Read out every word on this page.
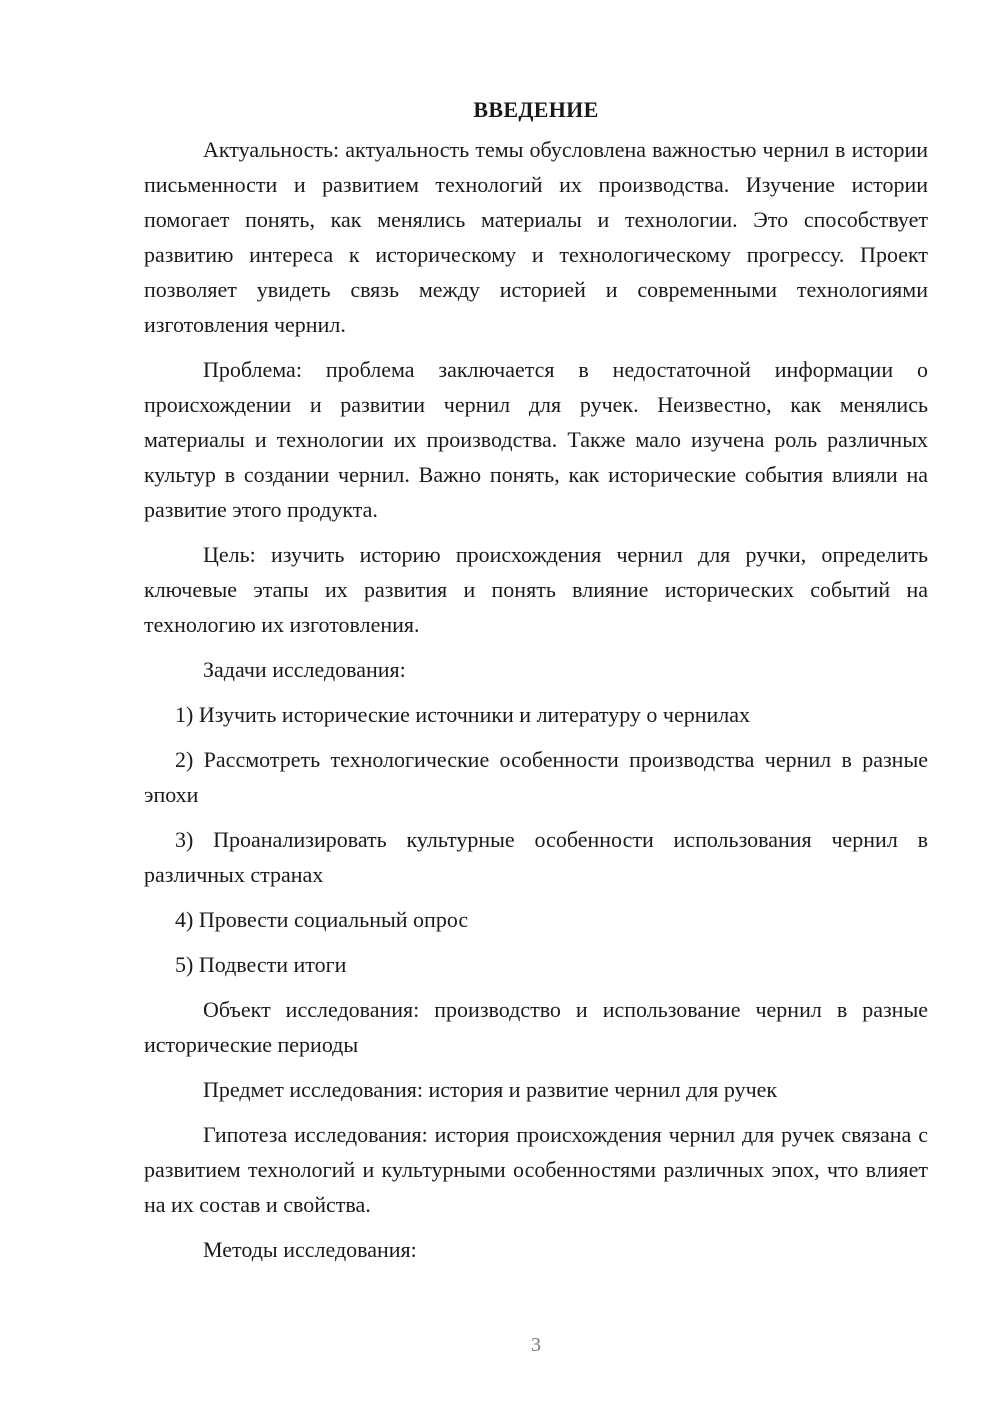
ВВЕДЕНИЕ

Актуальность: актуальность темы обусловлена важностью чернил в истории письменности и развитием технологий их производства. Изучение истории помогает понять, как менялись материалы и технологии. Это способствует развитию интереса к историческому и технологическому прогрессу. Проект позволяет увидеть связь между историей и современными технологиями изготовления чернил.

Проблема: проблема заключается в недостаточной информации о происхождении и развитии чернил для ручек. Неизвестно, как менялись материалы и технологии их производства. Также мало изучена роль различных культур в создании чернил. Важно понять, как исторические события влияли на развитие этого продукта.

Цель: изучить историю происхождения чернил для ручки, определить ключевые этапы их развития и понять влияние исторических событий на технологию их изготовления.

Задачи исследования:

1) Изучить исторические источники и литературу о чернилах

2) Рассмотреть технологические особенности производства чернил в разные эпохи

3) Проанализировать культурные особенности использования чернил в различных странах

4) Провести социальный опрос

5) Подвести итоги

Объект исследования: производство и использование чернил в разные исторические периоды

Предмет исследования: история и развитие чернил для ручек

Гипотеза исследования: история происхождения чернил для ручек связана с развитием технологий и культурными особенностями различных эпох, что влияет на их состав и свойства.

Методы исследования:

3
